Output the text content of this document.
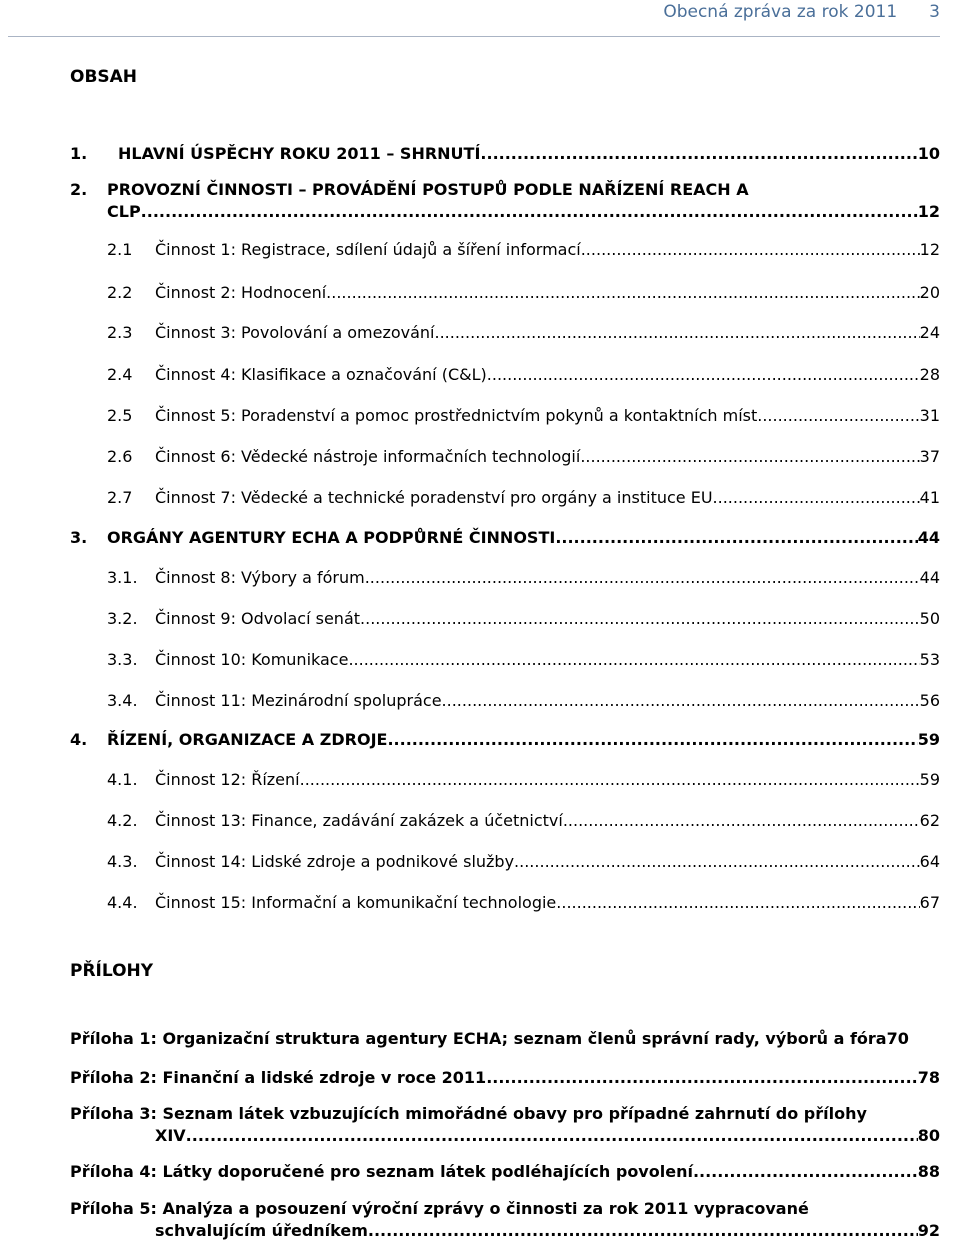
Obecná zpráva za rok 2011 3
OBSAH
1.	HLAVNÍ ÚSPĚCHY ROKU 2011 – SHRNUTÍ .....	10
2. PROVOZNÍ ČINNOSTI – PROVÁDĚNÍ POSTUPŮ PODLE NAŘÍZENÍ REACH A
CLP .....	12
2.1	Činnost 1: Registrace, sdílení údajů a šíření informací .....	12
2.2	Činnost 2: Hodnocení .....	20
2.3	Činnost 3: Povolování a omezování .....	24
2.4	Činnost 4: Klasifikace a označování (C&L) .....	28
2.5	Činnost 5: Poradenství a pomoc prostřednictvím pokynů a kontaktních míst .....	31
2.6	Činnost 6: Vědecké nástroje informačních technologií .....	37
2.7	Činnost 7: Vědecké a technické poradenství pro orgány a instituce EU .....	41
3.	ORGÁNY AGENTURY ECHA A PODPŮRNÉ ČINNOSTI .....	44
3.1.	Činnost 8: Výbory a fórum .....	44
3.2.	Činnost 9: Odvolací senát .....	50
3.3.	Činnost 10: Komunikace .....	53
3.4.	Činnost 11: Mezinárodní spolupráce .....	56
4.	ŘÍZENÍ, ORGANIZACE A ZDROJE .....	59
4.1.	Činnost 12: Řízení .....	59
4.2.	Činnost 13: Finance, zadávání zakázek a účetnictví .....	62
4.3.	Činnost 14: Lidské zdroje a podnikové služby .....	64
4.4.	Činnost 15: Informační a komunikační technologie .....	67
PŘÍLOHY
Příloha 1: Organizační struktura agentury ECHA; seznam členů správní rady, výborů a fóra 70
Příloha 2: Finanční a lidské zdroje v roce 2011 .....	78
Příloha 3: Seznam látek vzbuzujících mimořádné obavy pro případné zahrnutí do přílohy
XIV .....	80
Příloha 4: Látky doporučené pro seznam látek podléhajících povolení .....	88
Příloha 5: Analýza a posouzení výroční zprávy o činnosti za rok 2011 vypracované
schvalujícím úředníkem .....	92
